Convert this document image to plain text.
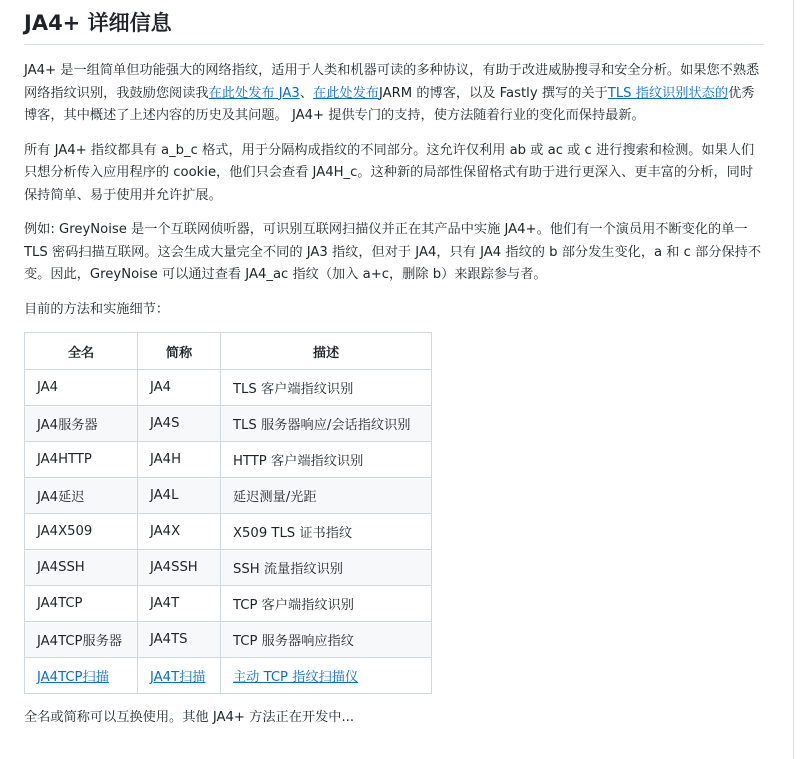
JA4+ 详细信息

JA4+ 是一组简单但功能强大的网络指纹，适用于人类和机器可读的多种协议，有助于改进威胁搜寻和安全分析。如果您不熟悉网络指纹识别，我鼓励您阅读我在此处发布 JA3、在此处发布JARM 的博客，以及 Fastly 撰写的关于TLS 指纹识别状态的优秀博客，其中概述了上述内容的历史及其问题。 JA4+ 提供专门的支持，使方法随着行业的变化而保持最新。

所有 JA4+ 指纹都具有 a_b_c 格式，用于分隔构成指纹的不同部分。这允许仅利用 ab 或 ac 或 c 进行搜索和检测。如果人们只想分析传入应用程序的 cookie，他们只会查看 JA4H_c。这种新的局部性保留格式有助于进行更深入、更丰富的分析，同时保持简单、易于使用并允许扩展。

例如: GreyNoise 是一个互联网侦听器，可识别互联网扫描仪并正在其产品中实施 JA4+。他们有一个演员用不断变化的单一 TLS 密码扫描互联网。这会生成大量完全不同的 JA3 指纹，但对于 JA4，只有 JA4 指纹的 b 部分发生变化，a 和 c 部分保持不变。因此，GreyNoise 可以通过查看 JA4_ac 指纹（加入 a+c，删除 b）来跟踪参与者。

目前的方法和实施细节：

全名	简称	描述
JA4	JA4	TLS 客户端指纹识别
JA4服务器	JA4S	TLS 服务器响应/会话指纹识别
JA4HTTP	JA4H	HTTP 客户端指纹识别
JA4延迟	JA4L	延迟测量/光距
JA4X509	JA4X	X509 TLS 证书指纹
JA4SSH	JA4SSH	SSH 流量指纹识别
JA4TCP	JA4T	TCP 客户端指纹识别
JA4TCP服务器	JA4TS	TCP 服务器响应指纹
JA4TCP扫描	JA4T扫描	主动 TCP 指纹扫描仪

全名或简称可以互换使用。其他 JA4+ 方法正在开发中...
